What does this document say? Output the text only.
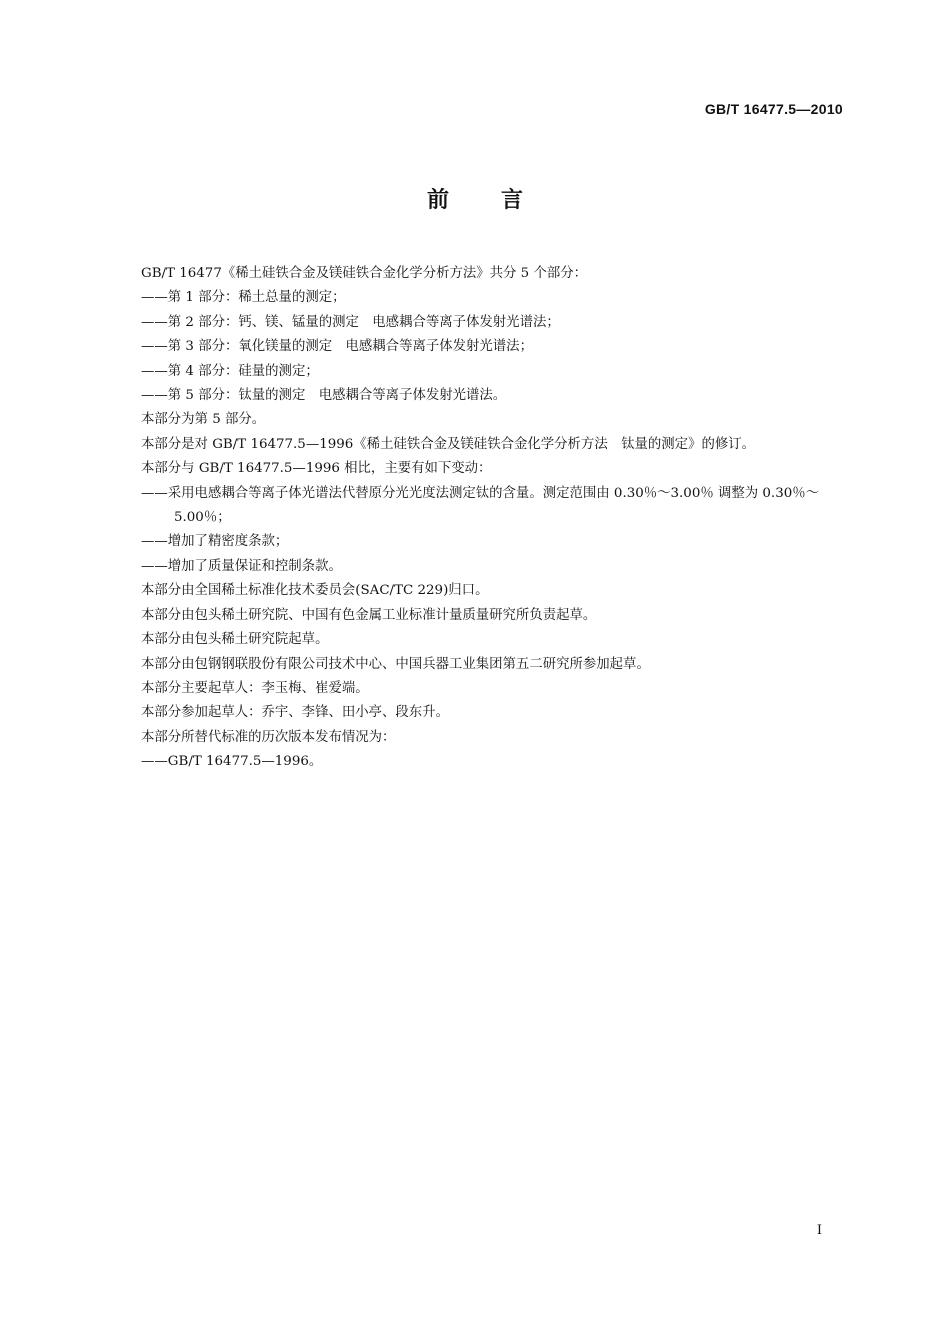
GB/T 16477.5—2010
前言

GB/T 16477《稀土硅铁合金及镁硅铁合金化学分析方法》共分 5 个部分：

——第 1 部分：稀土总量的测定；

——第 2 部分：钙、镁、锰量的测定　电感耦合等离子体发射光谱法；

——第 3 部分：氧化镁量的测定　电感耦合等离子体发射光谱法；

——第 4 部分：硅量的测定；

——第 5 部分：钛量的测定　电感耦合等离子体发射光谱法。

本部分为第 5 部分。

本部分是对 GB/T 16477.5—1996《稀土硅铁合金及镁硅铁合金化学分析方法　钛量的测定》的修订。

本部分与 GB/T 16477.5—1996 相比，主要有如下变动：

——采用电感耦合等离子体光谱法代替原分光光度法测定钛的含量。测定范围由 0.30％～3.00％ 调整为 0.30％～5.00％；

——增加了精密度条款；

——增加了质量保证和控制条款。

本部分由全国稀土标准化技术委员会(SAC/TC 229)归口。

本部分由包头稀土研究院、中国有色金属工业标准计量质量研究所负责起草。

本部分由包头稀土研究院起草。

本部分由包钢钢联股份有限公司技术中心、中国兵器工业集团第五二研究所参加起草。

本部分主要起草人：李玉梅、崔爱端。

本部分参加起草人：乔宇、李锋、田小亭、段东升。

本部分所替代标准的历次版本发布情况为：

——GB/T 16477.5—1996。

I
